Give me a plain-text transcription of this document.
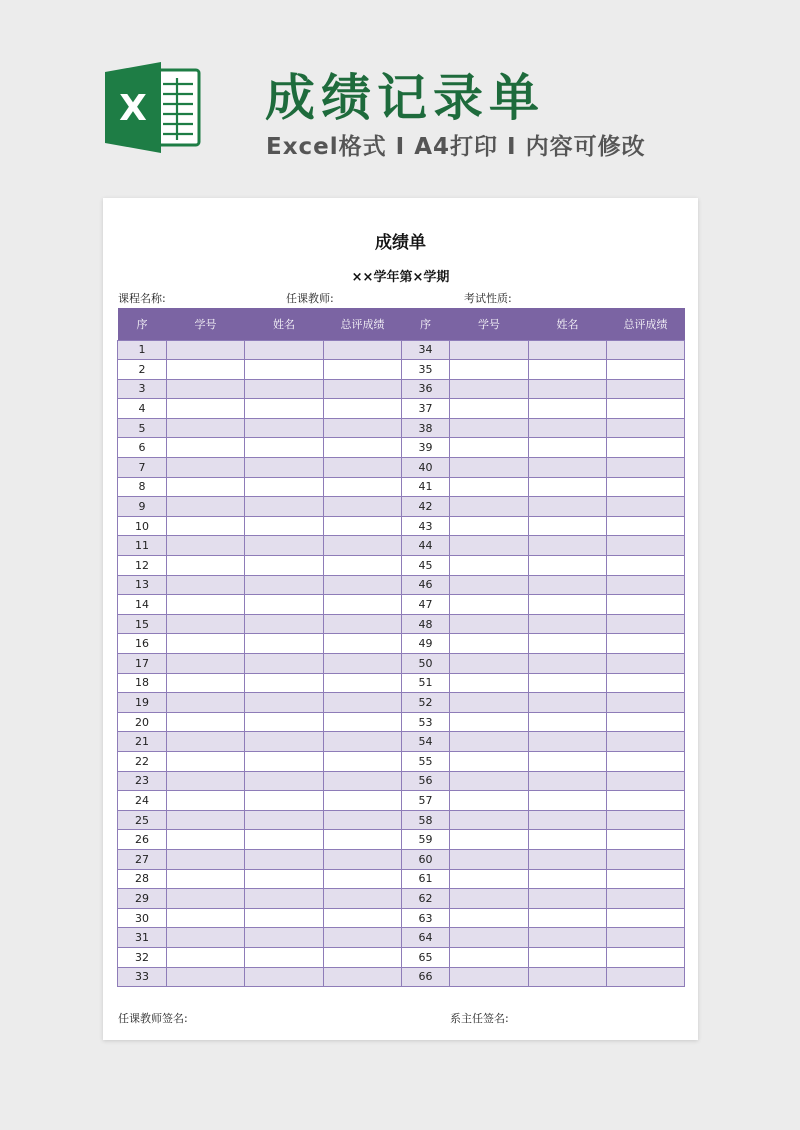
X 成绩记录单
Excel格式 I A4打印 I 内容可修改
成绩单
××学年第×学期
课程名称:	任课教师:	考试性质:
序	学号	姓名	总评成绩	序	学号	姓名	总评成绩
1				34			
2				35			
3				36			
4				37			
5				38			
6				39			
7				40			
8				41			
9				42			
10				43			
11				44			
12				45			
13				46			
14				47			
15				48			
16				49			
17				50			
18				51			
19				52			
20				53			
21				54			
22				55			
23				56			
24				57			
25				58			
26				59			
27				60			
28				61			
29				62			
30				63			
31				64			
32				65			
33				66			
任课教师签名:	系主任签名:
